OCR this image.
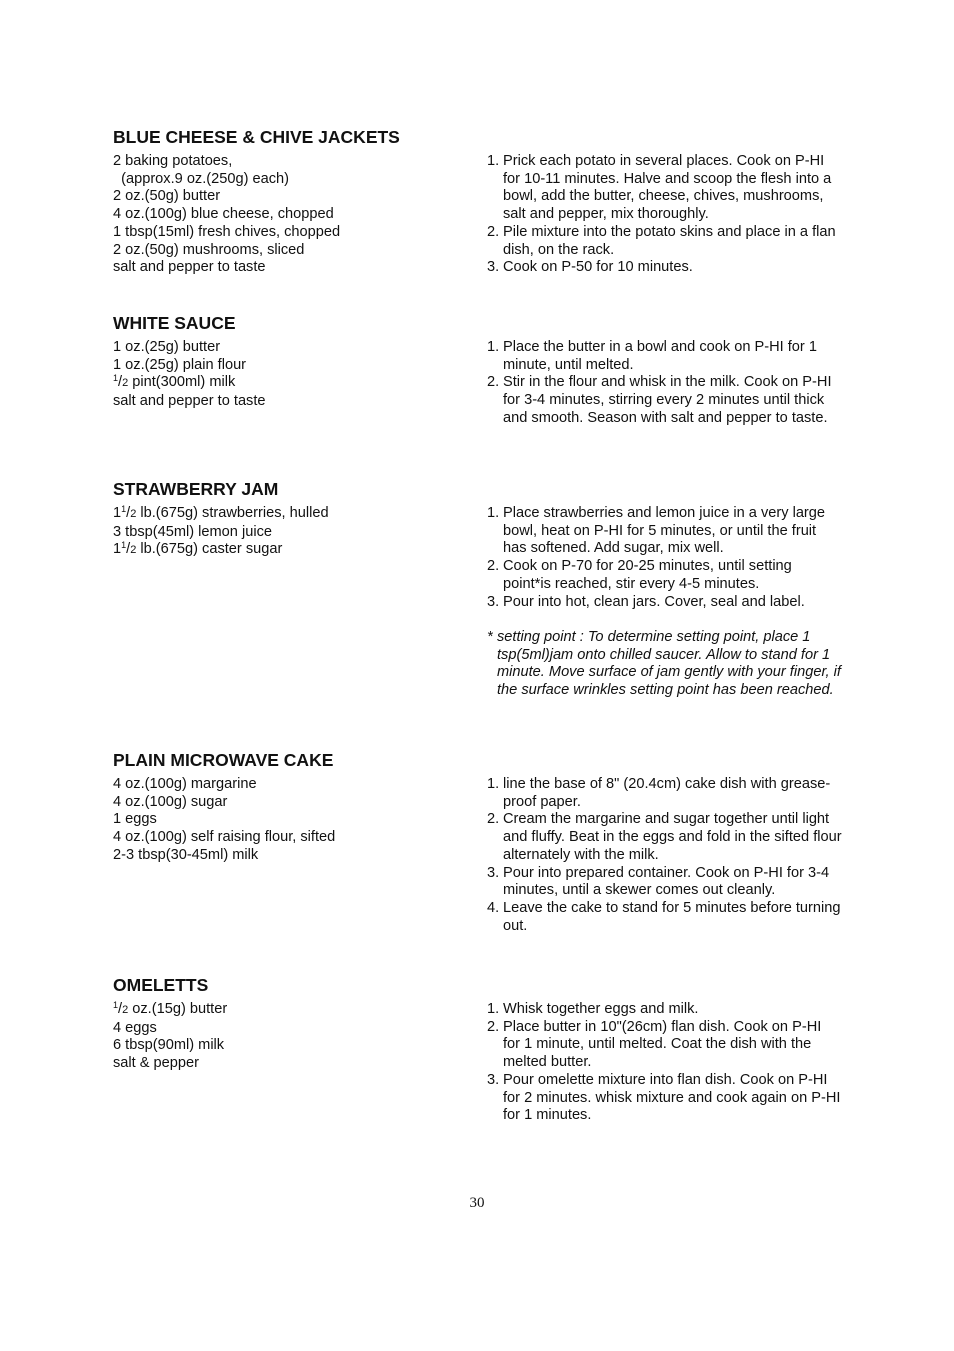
BLUE CHEESE & CHIVE JACKETS
2 baking potatoes,
(approx.9 oz.(250g) each)
2 oz.(50g) butter
4 oz.(100g) blue cheese, chopped
1 tbsp(15ml) fresh chives, chopped
2 oz.(50g) mushrooms, sliced
salt and pepper to taste
1. Prick each potato in several places. Cook on P-HI for 10-11 minutes. Halve and scoop the flesh into a bowl, add the butter, cheese, chives, mushrooms, salt and pepper, mix thoroughly.
2. Pile mixture into the potato skins and place in a flan dish, on the rack.
3. Cook on P-50 for 10 minutes.
WHITE SAUCE
1 oz.(25g) butter
1 oz.(25g) plain flour
$^1$/2 pint(300ml) milk
salt and pepper to taste
1. Place the butter in a bowl and cook on P-HI for 1 minute, until melted.
2. Stir in the flour and whisk in the milk. Cook on P-HI for 3-4 minutes, stirring every 2 minutes until thick and smooth. Season with salt and pepper to taste.
STRAWBERRY JAM
$1^1/2$ lb.(675g) strawberries, hulled
3 tbsp(45ml) lemon juice
$1^1/2$ lb.(675g) caster sugar
1. Place strawberries and lemon juice in a very large bowl, heat on P-HI for 5 minutes, or until the fruit has softened. Add sugar, mix well.
2. Cook on P-70 for 20-25 minutes, until setting point*is reached, stir every 4-5 minutes.
3. Pour into hot, clean jars. Cover, seal and label.
* setting point : To determine setting point, place 1 tsp(5ml)jam onto chilled saucer. Allow to stand for 1 minute. Move surface of jam gently with your finger, if the surface wrinkles setting point has been reached.
PLAIN MICROWAVE CAKE
4 oz.(100g) margarine
4 oz.(100g) sugar
1 eggs
4 oz.(100g) self raising flour, sifted
2-3 tbsp(30-45ml) milk
1. line the base of 8" (20.4cm) cake dish with grease-proof paper.
2. Cream the margarine and sugar together until light and fluffy. Beat in the eggs and fold in the sifted flour alternately with the milk.
3. Pour into prepared container. Cook on P-HI for 3-4 minutes, until a skewer comes out cleanly.
4. Leave the cake to stand for 5 minutes before turning out.
OMELETTS
$^1$/2 oz.(15g) butter
4 eggs
6 tbsp(90ml) milk
salt & pepper
1. Whisk together eggs and milk.
2. Place butter in 10"(26cm) flan dish. Cook on P-HI for 1 minute, until melted. Coat the dish with the melted butter.
3. Pour omelette mixture into flan dish. Cook on P-HI for 2 minutes. whisk mixture and cook again on P-HI for 1 minutes.
30
